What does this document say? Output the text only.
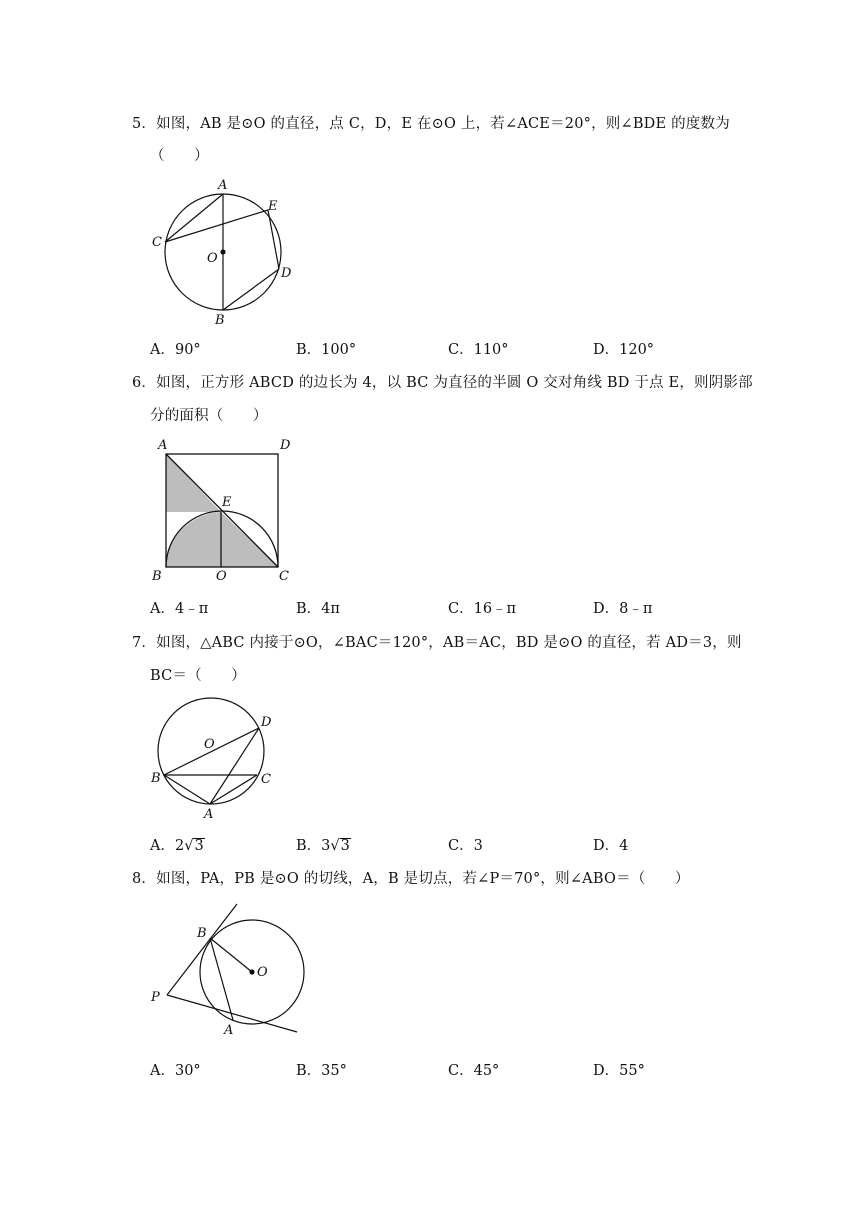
5．如图，AB 是⊙O 的直径，点 C，D，E 在⊙O 上，若∠ACE＝20°，则∠BDE 的度数为
（　　）
A
B
C
D
E
O
A．90°	B．100°	C．110°	D．120°
6．如图，正方形 ABCD 的边长为 4，以 BC 为直径的半圆 O 交对角线 BD 于点 E，则阴影部
分的面积（　　）
A	D
B	O	C
E
A．4﹣π	B．4π	C．16﹣π	D．8﹣π
7．如图，△ABC 内接于⊙O，∠BAC＝120°，AB＝AC，BD 是⊙O 的直径，若 AD＝3，则
BC＝（　　）
O
D
B	C
A
A．2√3	B．3√3	C．3	D．4
8．如图，PA，PB 是⊙O 的切线，A，B 是切点，若∠P＝70°，则∠ABO＝（　　）
B
O
P
A
A．30°	B．35°	C．45°	D．55°
